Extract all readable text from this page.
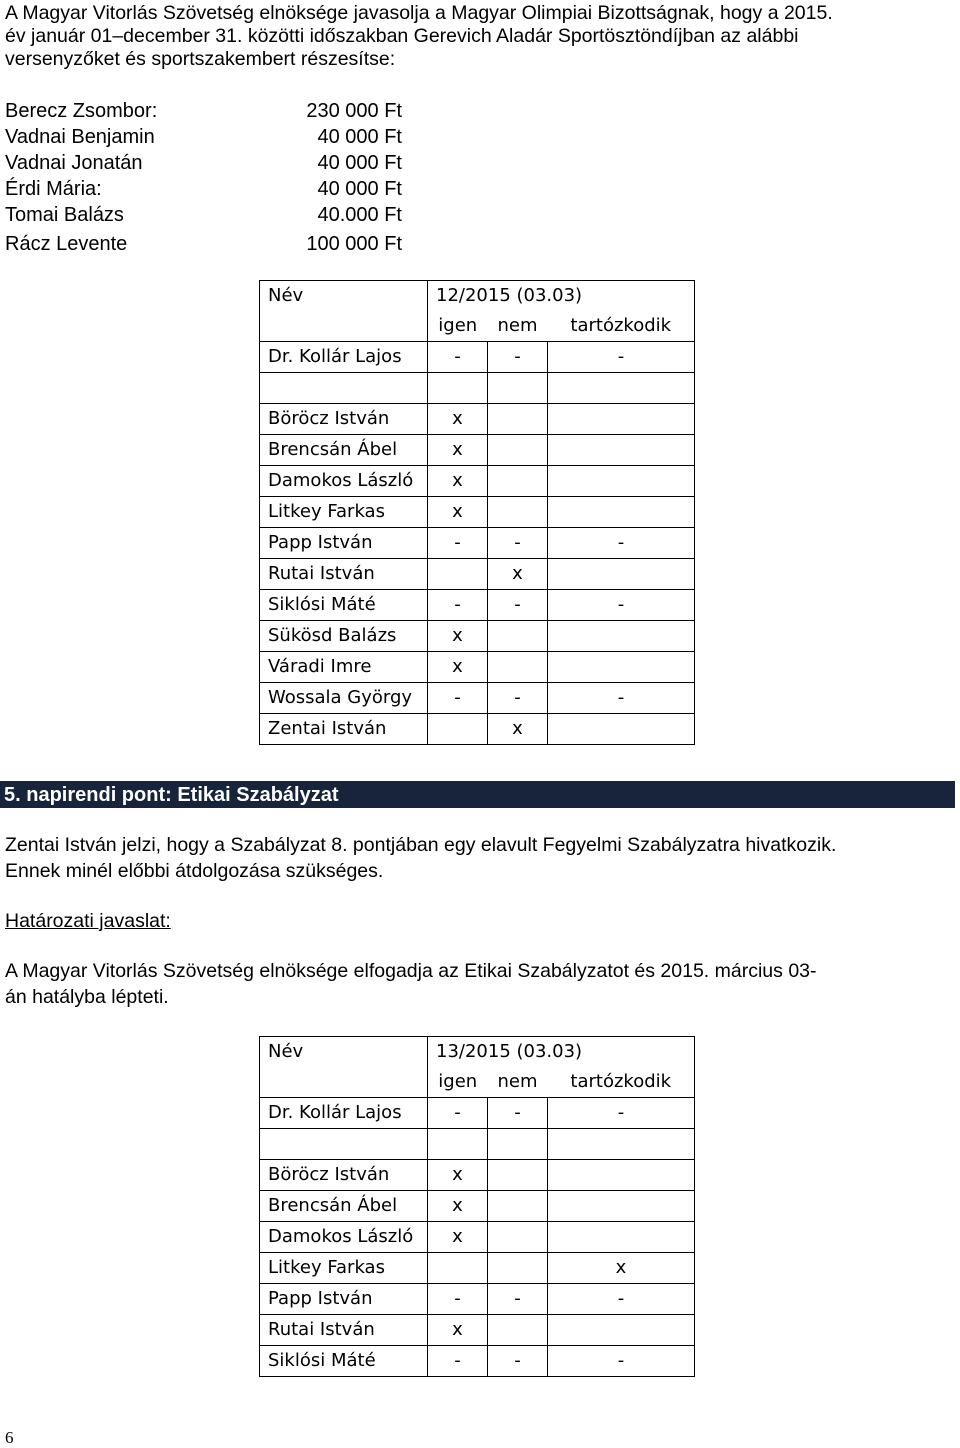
A Magyar Vitorlás Szövetség elnöksége javasolja a Magyar Olimpiai Bizottságnak, hogy a 2015.

év január 01–december 31. közötti időszakban Gerevich Aladár Sportösztöndíjban az alábbi

versenyzőket és sportszakembert részesítse:

Berecz Zsombor:	230 000 Ft
Vadnai Benjamin	40 000 Ft
Vadnai Jonatán	40 000 Ft
Érdi Mária:	40 000 Ft
Tomai Balázs	40.000 Ft
Rácz Levente	100 000 Ft
Név	12/2015 (03.03)		
	igen	nem	tartózkodik
Dr. Kollár Lajos	-	-	-

Böröcz István	x		
Brencsán Ábel	x		
Damokos László	x		
Litkey Farkas	x		
Papp István	-	-	-
Rutai István		x	
Siklósi Máté	-	-	-
Sükösd Balázs	x		
Váradi Imre	x		
Wossala György	-	-	-
Zentai István		x	
5. napirendi pont: Etikai Szabályzat

Zentai István jelzi, hogy a Szabályzat 8. pontjában egy elavult Fegyelmi Szabályzatra hivatkozik.

Ennek minél előbbi átdolgozása szükséges.

Határozati javaslat:

A Magyar Vitorlás Szövetség elnöksége elfogadja az Etikai Szabályzatot és 2015. március 03-

án hatályba lépteti.

Név	13/2015 (03.03)		
	igen	nem	tartózkodik
Dr. Kollár Lajos	-	-	-

Böröcz István	x		
Brencsán Ábel	x		
Damokos László	x		
Litkey Farkas			x
Papp István	-	-	-
Rutai István	x		
Siklósi Máté	-	-	-
6
